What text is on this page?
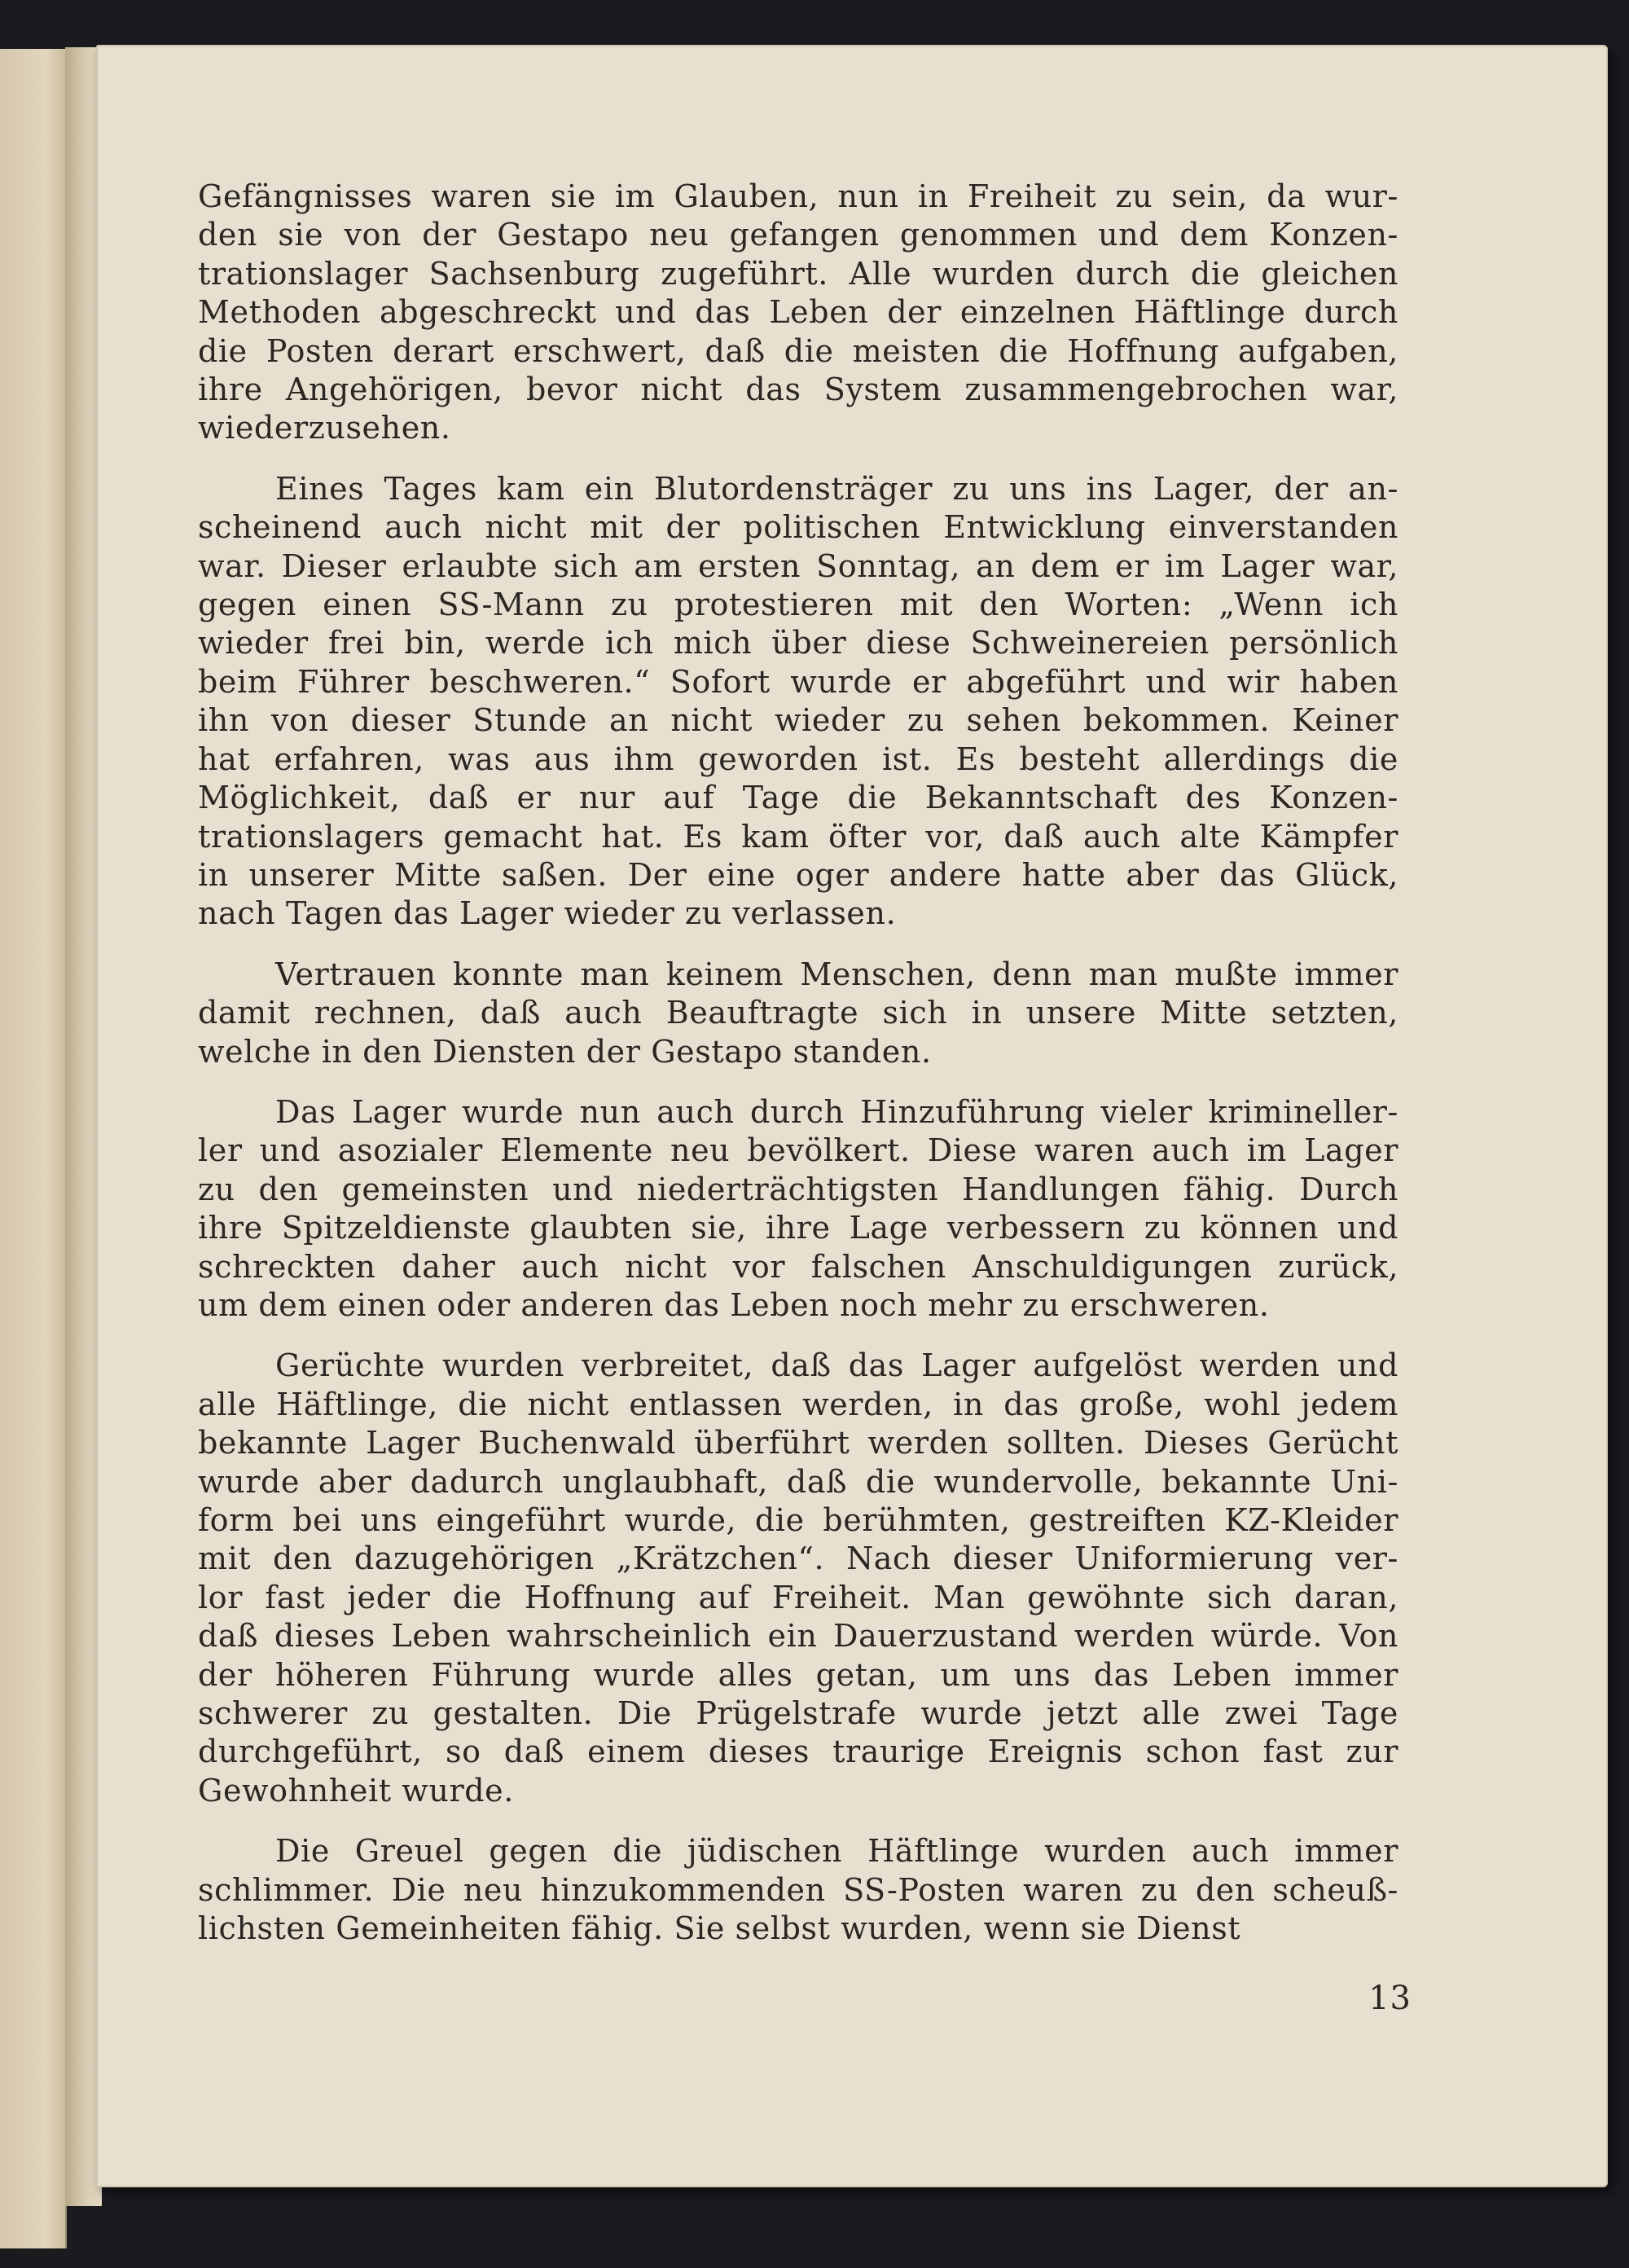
Gefängnisses waren sie im Glauben, nun in Freiheit zu sein, da wur-
den sie von der Gestapo neu gefangen genommen und dem Konzen-
trationslager Sachsenburg zugeführt. Alle wurden durch die gleichen
Methoden abgeschreckt und das Leben der einzelnen Häftlinge durch
die Posten derart erschwert, daß die meisten die Hoffnung aufgaben,
ihre Angehörigen, bevor nicht das System zusammengebrochen war,
wiederzusehen.
Eines Tages kam ein Blutordensträger zu uns ins Lager, der an-
scheinend auch nicht mit der politischen Entwicklung einverstanden
war. Dieser erlaubte sich am ersten Sonntag, an dem er im Lager war,
gegen einen SS-Mann zu protestieren mit den Worten: „Wenn ich
wieder frei bin, werde ich mich über diese Schweinereien persönlich
beim Führer beschweren.“ Sofort wurde er abgeführt und wir haben
ihn von dieser Stunde an nicht wieder zu sehen bekommen. Keiner
hat erfahren, was aus ihm geworden ist. Es besteht allerdings die
Möglichkeit, daß er nur auf Tage die Bekanntschaft des Konzen-
trationslagers gemacht hat. Es kam öfter vor, daß auch alte Kämpfer
in unserer Mitte saßen. Der eine oger andere hatte aber das Glück,
nach Tagen das Lager wieder zu verlassen.
Vertrauen konnte man keinem Menschen, denn man mußte immer
damit rechnen, daß auch Beauftragte sich in unsere Mitte setzten,
welche in den Diensten der Gestapo standen.
Das Lager wurde nun auch durch Hinzuführung vieler krimineller-
ler und asozialer Elemente neu bevölkert. Diese waren auch im Lager
zu den gemeinsten und niederträchtigsten Handlungen fähig. Durch
ihre Spitzeldienste glaubten sie, ihre Lage verbessern zu können und
schreckten daher auch nicht vor falschen Anschuldigungen zurück,
um dem einen oder anderen das Leben noch mehr zu erschweren.
Gerüchte wurden verbreitet, daß das Lager aufgelöst werden und
alle Häftlinge, die nicht entlassen werden, in das große, wohl jedem
bekannte Lager Buchenwald überführt werden sollten. Dieses Gerücht
wurde aber dadurch unglaubhaft, daß die wundervolle, bekannte Uni-
form bei uns eingeführt wurde, die berühmten, gestreiften KZ-Kleider
mit den dazugehörigen „Krätzchen“. Nach dieser Uniformierung ver-
lor fast jeder die Hoffnung auf Freiheit. Man gewöhnte sich daran,
daß dieses Leben wahrscheinlich ein Dauerzustand werden würde. Von
der höheren Führung wurde alles getan, um uns das Leben immer
schwerer zu gestalten. Die Prügelstrafe wurde jetzt alle zwei Tage
durchgeführt, so daß einem dieses traurige Ereignis schon fast zur
Gewohnheit wurde.
Die Greuel gegen die jüdischen Häftlinge wurden auch immer
schlimmer. Die neu hinzukommenden SS-Posten waren zu den scheuß-
lichsten Gemeinheiten fähig. Sie selbst wurden, wenn sie Dienst
13
